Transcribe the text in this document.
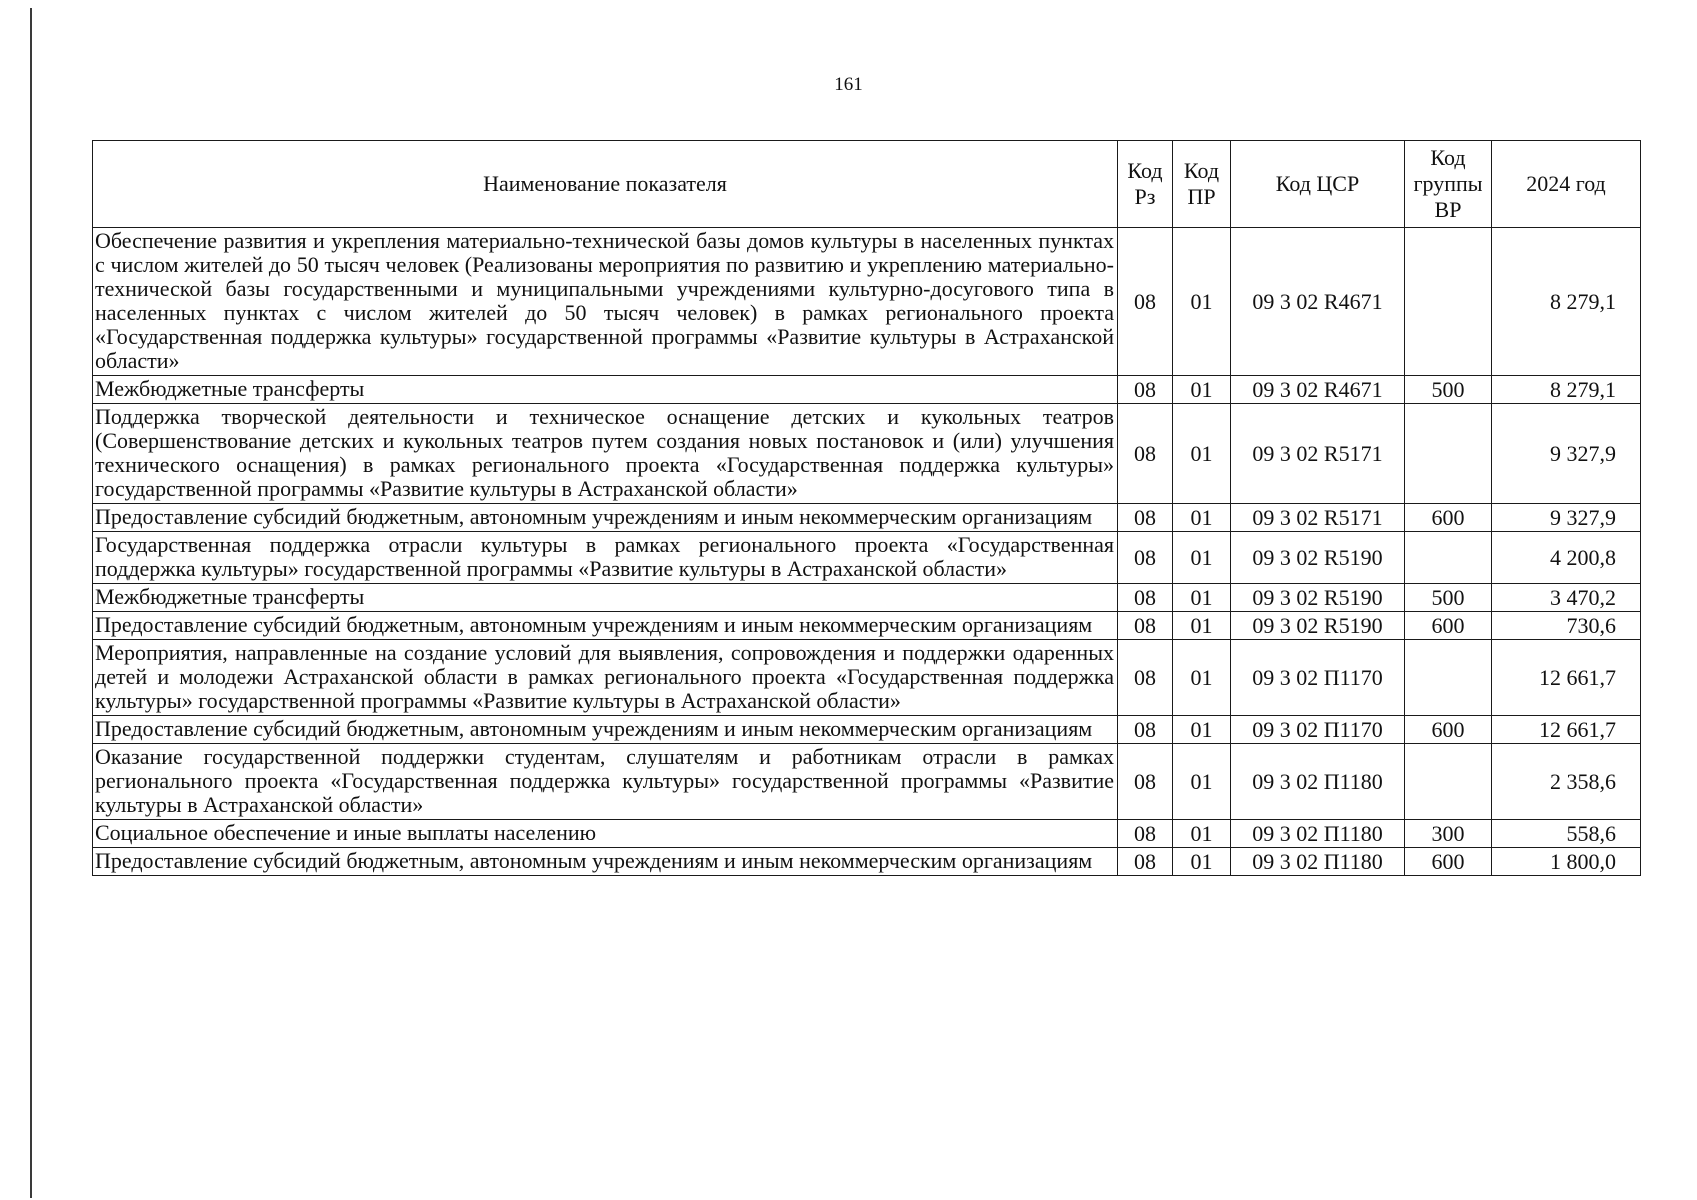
161
Наименование показателя	Код Рз	Код ПР	Код ЦСР	Код группы ВР	2024 год
Обеспечение развития и укрепления материально-технической базы домов культуры в населенных пунктах с числом жителей до 50 тысяч человек (Реализованы мероприятия по развитию и укреплению материально-технической базы государственными и муниципальными учреждениями культурно-досугового типа в населенных пунктах с числом жителей до 50 тысяч человек) в рамках регионального проекта «Государственная поддержка культуры» государственной программы «Развитие культуры в Астраханской области»	08	01	09 3 02 R4671		8 279,1
Межбюджетные трансферты	08	01	09 3 02 R4671	500	8 279,1
Поддержка творческой деятельности и техническое оснащение детских и кукольных театров (Совершенствование детских и кукольных театров путем создания новых постановок и (или) улучшения технического оснащения) в рамках регионального проекта «Государственная поддержка культуры» государственной программы «Развитие культуры в Астраханской области»	08	01	09 3 02 R5171		9 327,9
Предоставление субсидий бюджетным, автономным учреждениям и иным некоммерческим организациям	08	01	09 3 02 R5171	600	9 327,9
Государственная поддержка отрасли культуры в рамках регионального проекта «Государственная поддержка культуры» государственной программы «Развитие культуры в Астраханской области»	08	01	09 3 02 R5190		4 200,8
Межбюджетные трансферты	08	01	09 3 02 R5190	500	3 470,2
Предоставление субсидий бюджетным, автономным учреждениям и иным некоммерческим организациям	08	01	09 3 02 R5190	600	730,6
Мероприятия, направленные на создание условий для выявления, сопровождения и поддержки одаренных детей и молодежи Астраханской области в рамках регионального проекта «Государственная поддержка культуры» государственной программы «Развитие культуры в Астраханской области»	08	01	09 3 02 П1170		12 661,7
Предоставление субсидий бюджетным, автономным учреждениям и иным некоммерческим организациям	08	01	09 3 02 П1170	600	12 661,7
Оказание государственной поддержки студентам, слушателям и работникам отрасли в рамках регионального проекта «Государственная поддержка культуры» государственной программы «Развитие культуры в Астраханской области»	08	01	09 3 02 П1180		2 358,6
Социальное обеспечение и иные выплаты населению	08	01	09 3 02 П1180	300	558,6
Предоставление субсидий бюджетным, автономным учреждениям и иным некоммерческим организациям	08	01	09 3 02 П1180	600	1 800,0
